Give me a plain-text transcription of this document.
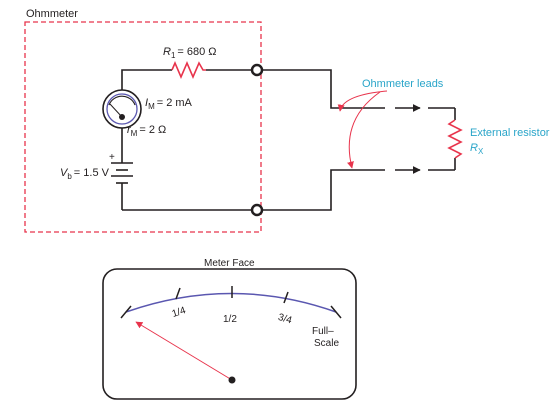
Ohmmeter
$R_1 = 680$ Ω
$I_M = 2$ mA
$r_M = 2$ Ω
+
$V_b = 1.5$ V
External resistor
$R_X$
Ohmmeter leads
Meter Face
1/4	1/2	3/4
Full–
Scale
